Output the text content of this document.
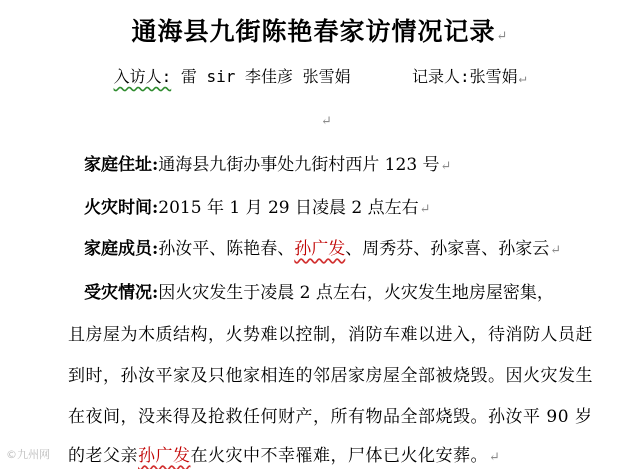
通海县九街陈艳春家访情况记录↵
入访人: 雷 sir 李佳彦 张雪娟	记录人:张雪娟↵
↵
家庭住址:通海县九街办事处九街村西片 123 号↵
火灾时间:2015 年 1 月 29 日凌晨 2 点左右↵
家庭成员:孙汝平、陈艳春、孙广发、周秀芬、孙家喜、孙家云↵
受灾情况:因火灾发生于凌晨 2 点左右，火灾发生地房屋密集，
且房屋为木质结构，火势难以控制，消防车难以进入，待消防人员赶
到时，孙汝平家及只他家相连的邻居家房屋全部被烧毁。因火灾发生
在夜间，没来得及抢救任何财产，所有物品全部烧毁。孙汝平 90 岁
的老父亲孙广发在火灾中不幸罹难，尸体已火化安葬。↵
©九州网
